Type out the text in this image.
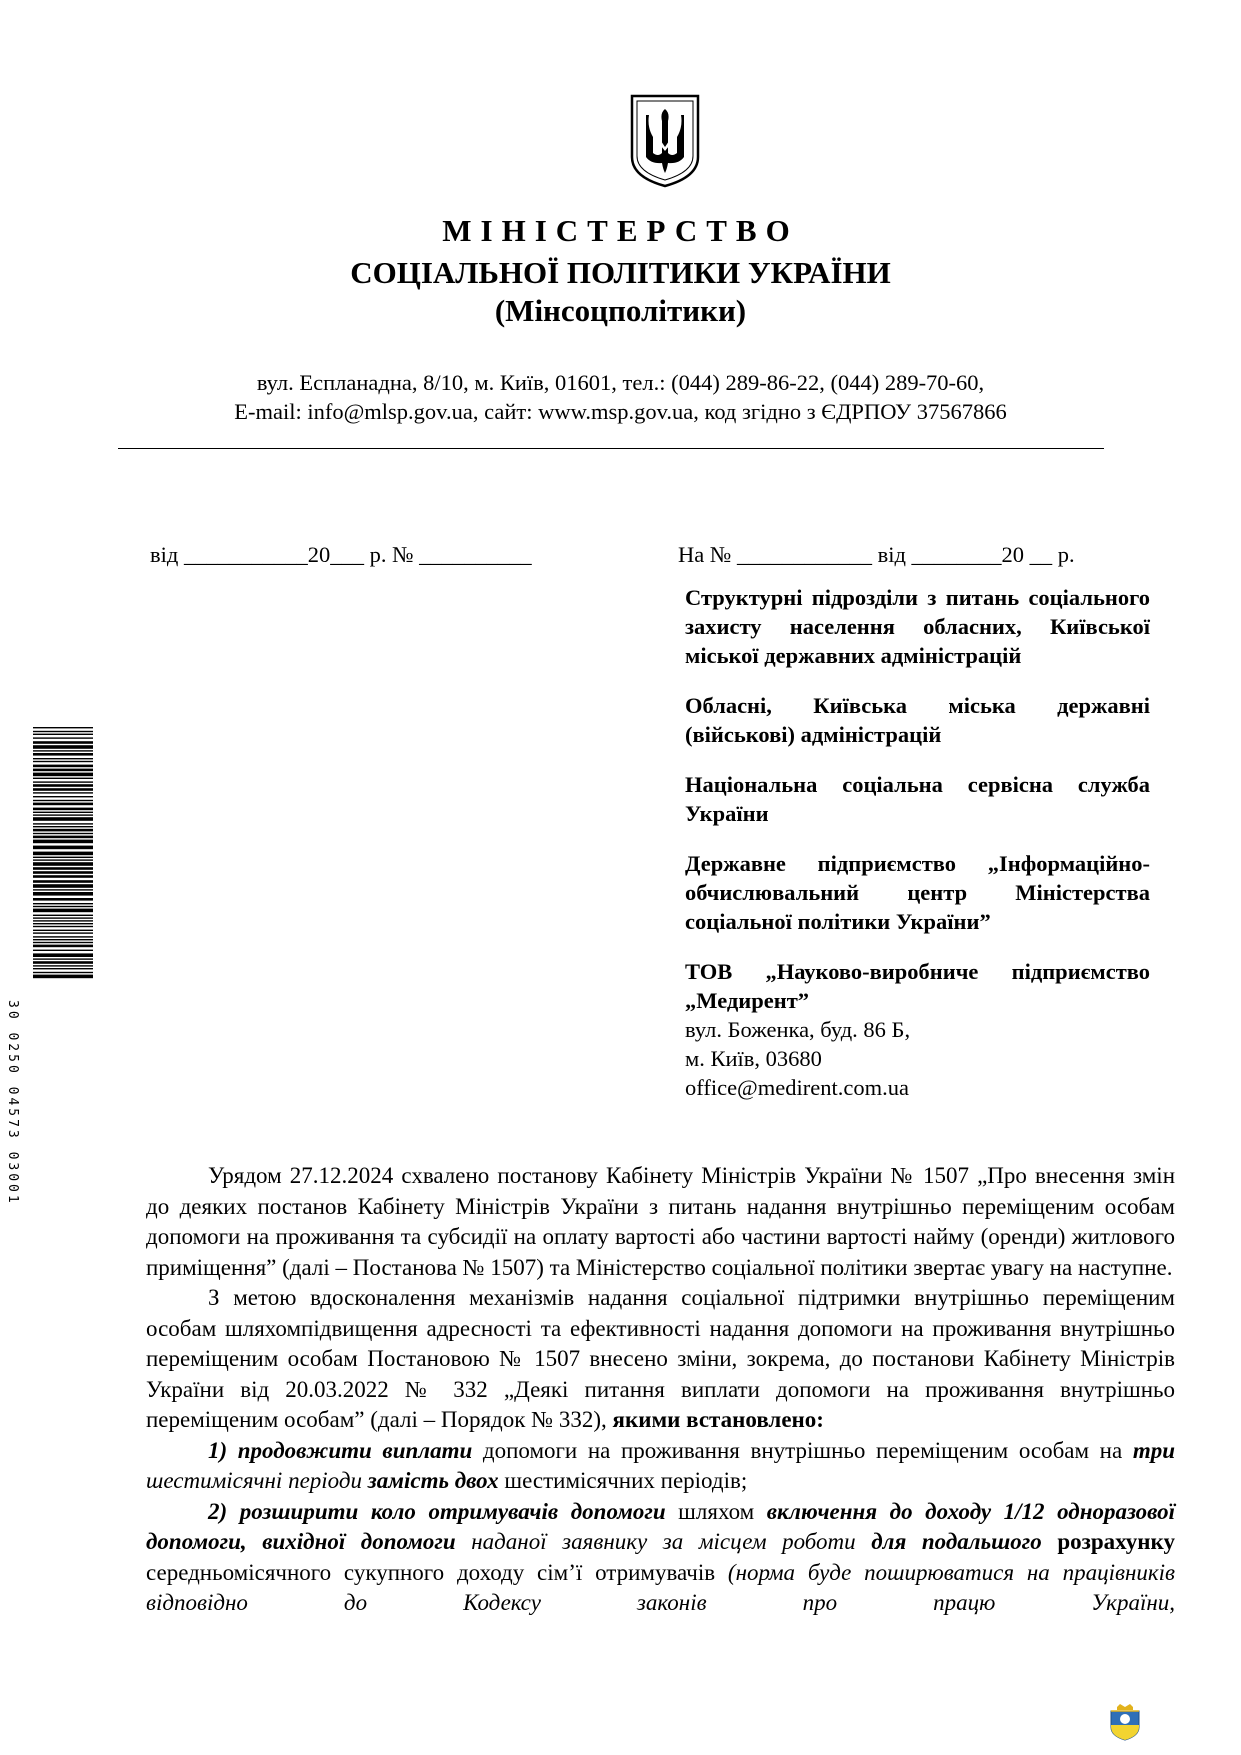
МІНІСТЕРСТВО
СОЦІАЛЬНОЇ ПОЛІТИКИ УКРАЇНИ
(Мінсоцполітики)
вул. Еспланадна, 8/10, м. Київ, 01601, тел.: (044) 289-86-22, (044) 289-70-60,
E-mail: info@mlsp.gov.ua, сайт: www.msp.gov.ua, код згідно з ЄДРПОУ 37567866
від ___________20___ р. № __________	На № ____________ від ________20 __ р.
Структурні підрозділи з питань соціального захисту населення обласних, Київської міської державних адміністрацій
Обласні, Київська міська державні (військові) адміністрацій
Національна соціальна сервісна служба України
Державне підприємство „Інформаційно-обчислювальний центр Міністерства соціальної політики України”
ТОВ „Науково-виробниче підприємство „Медирент”
вул. Боженка, буд. 86 Б,
м. Київ, 03680
office@medirent.com.ua
30 0250 04573 03001	Урядом 27.12.2024 схвалено постанову Кабінету Міністрів України № 1507 „Про внесення змін до деяких постанов Кабінету Міністрів України з питань надання внутрішньо переміщеним особам допомоги на проживання та субсидії на оплату вартості або частини вартості найму (оренди) житлового приміщення” (далі – Постанова № 1507) та Міністерство соціальної політики звертає увагу на наступне.

З метою вдосконалення механізмів надання соціальної підтримки внутрішньо переміщеним особам шляхомпідвищення адресності та ефективності надання допомоги на проживання внутрішньо переміщеним особам Постановою № 1507 внесено зміни, зокрема, до постанови Кабінету Міністрів України від 20.03.2022 № 332 „Деякі питання виплати допомоги на проживання внутрішньо переміщеним особам” (далі – Порядок № 332), якими встановлено:

1) продовжити виплати допомоги на проживання внутрішньо переміщеним особам на три шестимісячні періоди замість двох шестимісячних періодів;

2) розширити коло отримувачів допомоги шляхом включення до доходу 1/12 одноразової допомоги, вихідної допомоги наданої заявнику за місцем роботи для подальшого розрахунку середньомісячного сукупного доходу сім’ї отримувачів (норма буде поширюватися на працівників відповідно до Кодексу законів про працю України,
